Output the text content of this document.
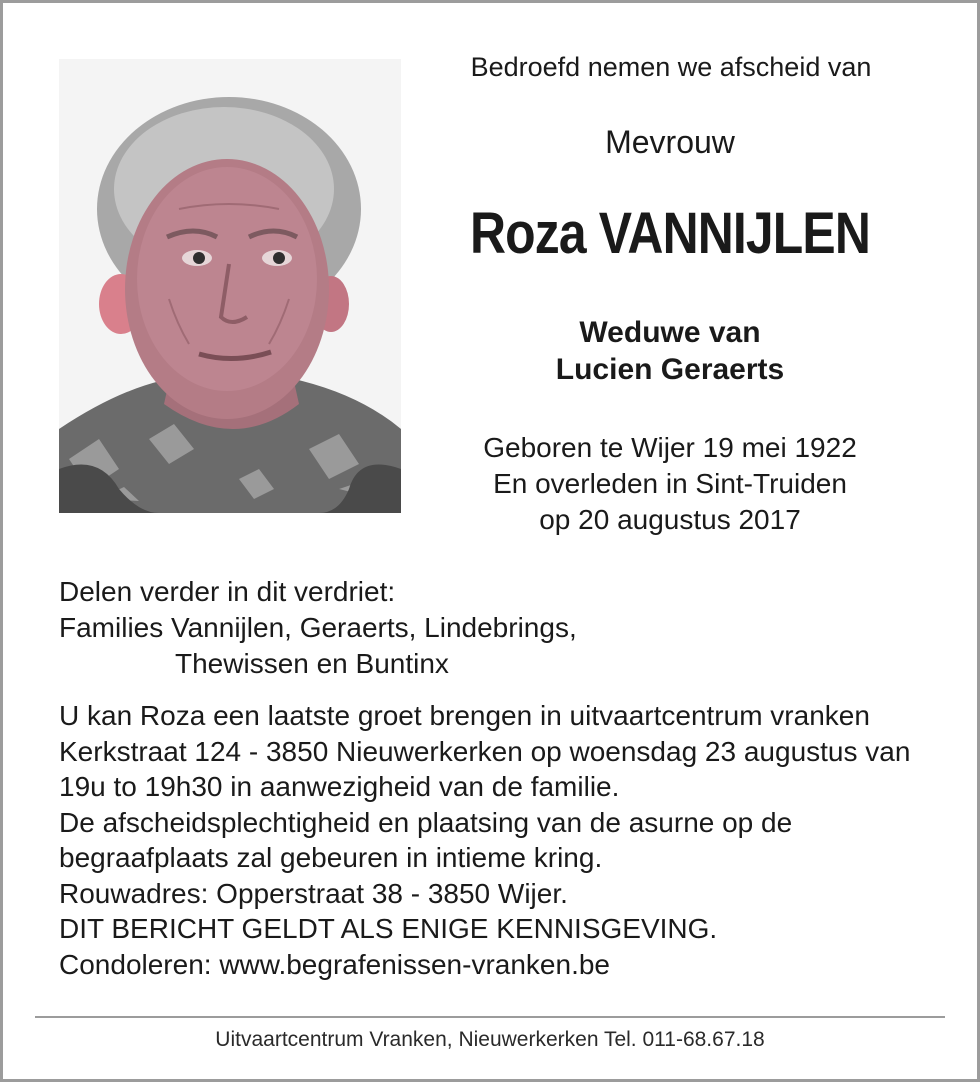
Bedroefd nemen we afscheid van
Mevrouw
Roza VANNIJLEN
Weduwe van
Lucien Geraerts
Geboren te Wijer 19 mei 1922
En overleden in Sint-Truiden
op 20 augustus 2017
Delen verder in dit verdriet:
Families Vannijlen, Geraerts, Lindebrings,
Thewissen en Buntinx

U kan Roza een laatste groet brengen in uitvaartcentrum vranken Kerkstraat 124 - 3850 Nieuwerkerken op woensdag 23 augustus van 19u to 19h30 in aanwezigheid van de familie.

De afscheidsplechtigheid en plaatsing van de asurne op de begraafplaats zal gebeuren in intieme kring.

Rouwadres: Opperstraat 38 - 3850 Wijer.

DIT BERICHT GELDT ALS ENIGE KENNISGEVING.

Condoleren: www.begrafenissen-vranken.be

Uitvaartcentrum Vranken, Nieuwerkerken Tel. 011-68.67.18
